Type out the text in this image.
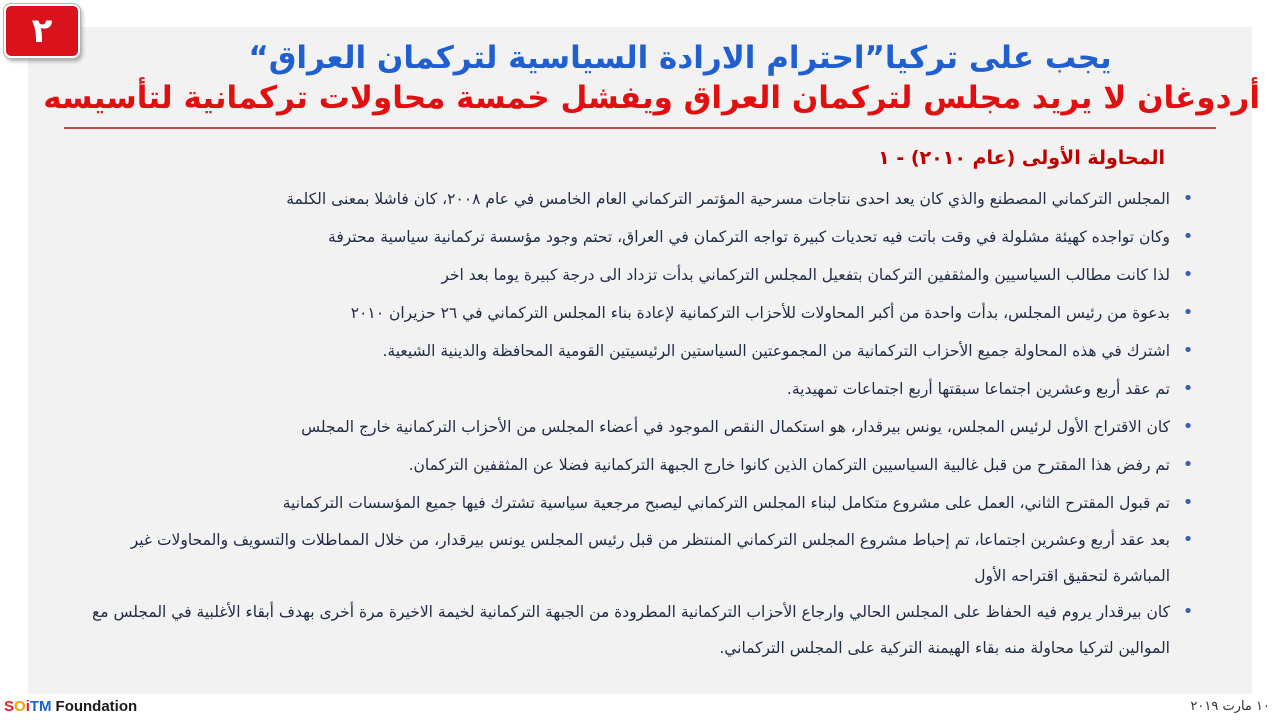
٢
يجب على تركيا”احترام الارادة السياسية لتركمان العراق“
أردوغان لا يريد مجلس لتركمان العراق ويفشل خمسة محاولات تركمانية لتأسيسه
المحاولة الأولى (عام ٢٠١٠) - ١
•
المجلس التركماني المصطنع والذي كان يعد احدى نتاجات مسرحية المؤتمر التركماني العام الخامس في عام ٢٠٠٨، كان فاشلا بمعنى الكلمة
•
وكان تواجده كهيئة مشلولة في وقت باتت فيه تحديات كبيرة تواجه التركمان في العراق، تحتم وجود مؤسسة تركمانية سياسية محترفة
•
لذا كانت مطالب السياسيين والمثقفين التركمان بتفعيل المجلس التركماني بدأت تزداد الى درجة كبيرة يوما بعد اخر
•
بدعوة من رئيس المجلس، بدأت واحدة من أكبر المحاولات للأحزاب التركمانية لإعادة بناء المجلس التركماني في ٢٦ حزيران ٢٠١٠
•
اشترك في هذه المحاولة جميع الأحزاب التركمانية من المجموعتين السياستين الرئيسيتين القومية المحافظة والدينية الشيعية.
•
تم عقد أربع وعشرين اجتماعا سبقتها أربع اجتماعات تمهيدية.
•
كان الاقتراح الأول لرئيس المجلس، يونس بيرقدار، هو استكمال النقص الموجود في أعضاء المجلس من الأحزاب التركمانية خارج المجلس
•
تم رفض هذا المقترح من قبل غالبية السياسيين التركمان الذين كانوا خارج الجبهة التركمانية فضلا عن المثقفين التركمان.
•
تم قبول المقترح الثاني، العمل على مشروع متكامل لبناء المجلس التركماني ليصبح مرجعية سياسية تشترك فيها جميع المؤسسات التركمانية
•
بعد عقد أربع وعشرين اجتماعا، تم إحباط مشروع المجلس التركماني المنتظر من قبل رئيس المجلس يونس بيرقدار، من خلال المماطلات والتسويف والمحاولات غير المباشرة لتحقيق اقتراحه الأول
•
كان بيرقدار يروم فيه الحفاظ على المجلس الحالي وارجاع الأحزاب التركمانية المطرودة من الجبهة التركمانية لخيمة الاخيرة مرة أخرى بهدف أبقاء الأغلبية في المجلس مع الموالين لتركيا محاولة منه بقاء الهيمنة التركية على المجلس التركماني.
SOiTM Foundation	١٠ مارت ٢٠١٩
